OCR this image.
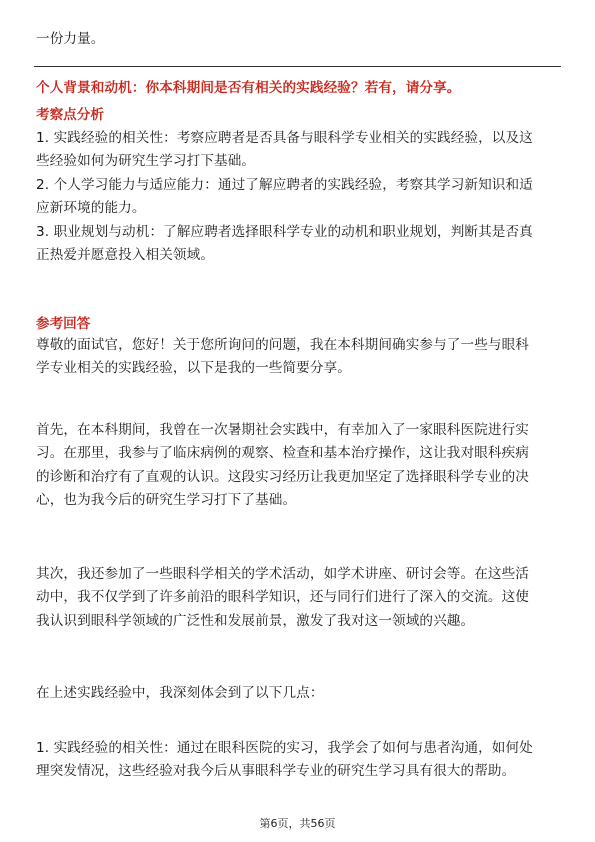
一份力量。
个人背景和动机：你本科期间是否有相关的实践经验？若有，请分享。
考察点分析
1. 实践经验的相关性：考察应聘者是否具备与眼科学专业相关的实践经验，以及这
些经验如何为研究生学习打下基础。
2. 个人学习能力与适应能力：通过了解应聘者的实践经验，考察其学习新知识和适
应新环境的能力。
3. 职业规划与动机：了解应聘者选择眼科学专业的动机和职业规划，判断其是否真
正热爱并愿意投入相关领域。
参考回答
尊敬的面试官，您好！关于您所询问的问题，我在本科期间确实参与了一些与眼科
学专业相关的实践经验，以下是我的一些简要分享。
首先，在本科期间，我曾在一次暑期社会实践中，有幸加入了一家眼科医院进行实
习。在那里，我参与了临床病例的观察、检查和基本治疗操作，这让我对眼科疾病
的诊断和治疗有了直观的认识。这段实习经历让我更加坚定了选择眼科学专业的决
心，也为我今后的研究生学习打下了基础。
其次，我还参加了一些眼科学相关的学术活动，如学术讲座、研讨会等。在这些活
动中，我不仅学到了许多前沿的眼科学知识，还与同行们进行了深入的交流。这使
我认识到眼科学领域的广泛性和发展前景，激发了我对这一领域的兴趣。
在上述实践经验中，我深刻体会到了以下几点：
1. 实践经验的相关性：通过在眼科医院的实习，我学会了如何与患者沟通，如何处
理突发情况，这些经验对我今后从事眼科学专业的研究生学习具有很大的帮助。
第6页，共56页
